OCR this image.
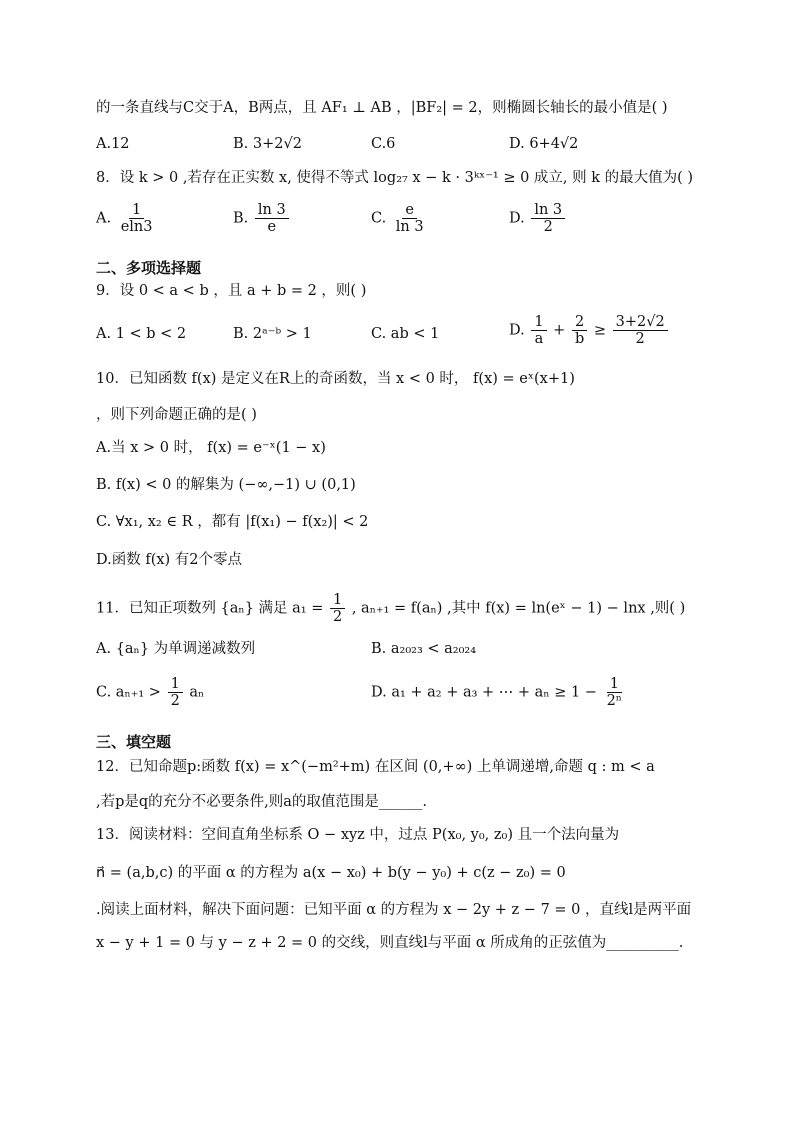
的一条直线与C交于A，B两点，且 AF₁ ⊥ AB ，|BF₂| = 2，则椭圆长轴长的最小值是( )
A.12	B. 3+2√2	C.6	D. 6+4√2
8．设 k > 0 ,若存在正实数 x, 使得不等式 log₂₇ x − k · 3ᵏˣ⁻¹ ≥ 0 成立, 则 k 的最大值为( )
A. $\frac{1}{eln3}$	B. $\frac{\ln 3}{e}$	C. $\frac{e}{\ln 3}$	D. $\frac{\ln 3}{2}$
二、多项选择题
9．设 0 < a < b ，且 a + b = 2 ，则( )
A. 1 < b < 2	B. 2ᵃ⁻ᵇ > 1	C. ab < 1	D. $\frac{1}{a} + \frac{2}{b} \ge \frac{3+2√2}{2}$
10．已知函数 f(x) 是定义在R上的奇函数，当 x < 0 时， f(x) = eˣ(x+1)
，则下列命题正确的是( )
A.当 x > 0 时， f(x) = e⁻ˣ(1 − x)
B. f(x) < 0 的解集为 (−∞,−1) ∪ (0,1)
C. ∀x₁, x₂ ∈ R ，都有 |f(x₁) − f(x₂)| < 2
D.函数 f(x) 有2个零点
11．已知正项数列 {aₙ} 满足 $a_1 = \frac{1}{2}$ , aₙ₊₁ = f(aₙ) ,其中 f(x) = ln(eˣ − 1) − lnx ,则( )
A. {aₙ} 为单调递减数列	B. a₂₀₂₃ < a₂₀₂₄
C. $a_{n+1} > \frac{1}{2}$ aₙ	D. a₁ + a₂ + a₃ + ⋯ + $a_n \ge 1 - \frac{1}{\text{2ⁿ}}$
三、填空题
12．已知命题p:函数 f(x) = x^(−m²+m) 在区间 (0,+∞) 上单调递增,命题 q : m < a
,若p是q的充分不必要条件,则a的取值范围是______.
13．阅读材料：空间直角坐标系 O − xyz 中，过点 P(x₀, y₀, z₀) 且一个法向量为
n⃗ = (a,b,c) 的平面 α 的方程为 a(x − x₀) + b(y − y₀) + c(z − z₀) = 0
.阅读上面材料，解决下面问题：已知平面 α 的方程为 x − 2y + z − 7 = 0 ，直线l是两平面
x − y + 1 = 0 与 y − z + 2 = 0 的交线，则直线l与平面 α 所成角的正弦值为__________.
